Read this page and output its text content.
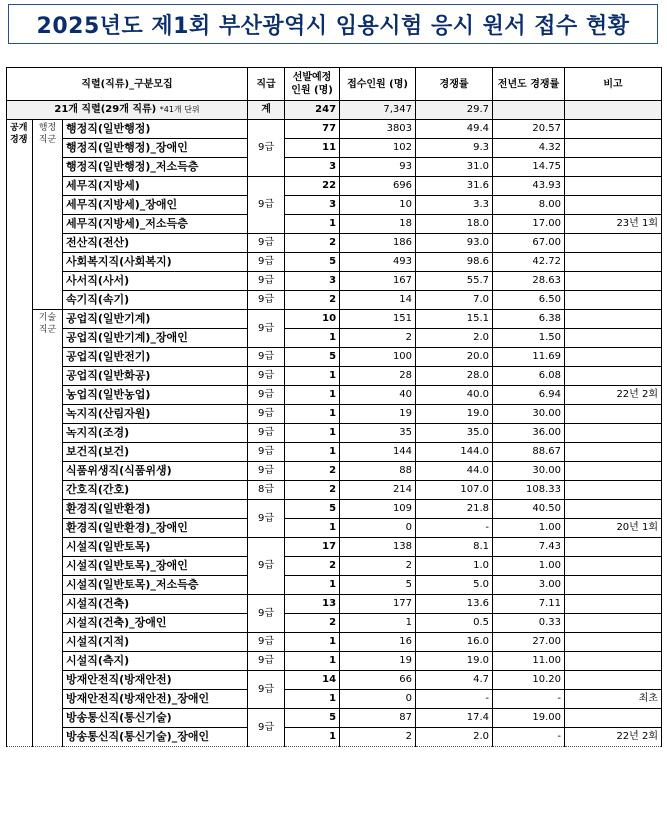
2025년도 제1회 부산광역시 임용시험 응시 원서 접수 현황
직렬(직류)_구분모집			직급	선발예정 인원 (명)	접수인원 (명)	경쟁률	전년도 경쟁률	비고
21개 직렬(29개 직류) *41개 단위			계	247	7,347	29.7		
공개 경쟁	행정 직군	행정직(일반행정)	9급	77	3803	49.4	20.57	
		행정직(일반행정)_장애인		11	102	9.3	4.32	
		행정직(일반행정)_저소득층		3	93	31.0	14.75	
		세무직(지방세)	9급	22	696	31.6	43.93	
		세무직(지방세)_장애인		3	10	3.3	8.00	
		세무직(지방세)_저소득층		1	18	18.0	17.00	23년 1회
		전산직(전산)	9급	2	186	93.0	67.00	
		사회복지직(사회복지)	9급	5	493	98.6	42.72	
		사서직(사서)	9급	3	167	55.7	28.63	
		속기직(속기)	9급	2	14	7.0	6.50	
	기술 직군	공업직(일반기계)	9급	10	151	15.1	6.38	
		공업직(일반기계)_장애인		1	2	2.0	1.50	
		공업직(일반전기)	9급	5	100	20.0	11.69	
		공업직(일반화공)	9급	1	28	28.0	6.08	
		농업직(일반농업)	9급	1	40	40.0	6.94	22년 2회
		녹지직(산림자원)	9급	1	19	19.0	30.00	
		녹지직(조경)	9급	1	35	35.0	36.00	
		보건직(보건)	9급	1	144	144.0	88.67	
		식품위생직(식품위생)	9급	2	88	44.0	30.00	
		간호직(간호)	8급	2	214	107.0	108.33	
		환경직(일반환경)	9급	5	109	21.8	40.50	
		환경직(일반환경)_장애인		1	0	-	1.00	20년 1회
		시설직(일반토목)	9급	17	138	8.1	7.43	
		시설직(일반토목)_장애인		2	2	1.0	1.00	
		시설직(일반토목)_저소득층		1	5	5.0	3.00	
		시설직(건축)	9급	13	177	13.6	7.11	
		시설직(건축)_장애인		2	1	0.5	0.33	
		시설직(지적)	9급	1	16	16.0	27.00	
		시설직(측지)	9급	1	19	19.0	11.00	
		방재안전직(방재안전)	9급	14	66	4.7	10.20	
		방재안전직(방재안전)_장애인		1	0	-	-	최초
		방송통신직(통신기술)	9급	5	87	17.4	19.00	
		방송통신직(통신기술)_장애인		1	2	2.0	-	22년 2회
